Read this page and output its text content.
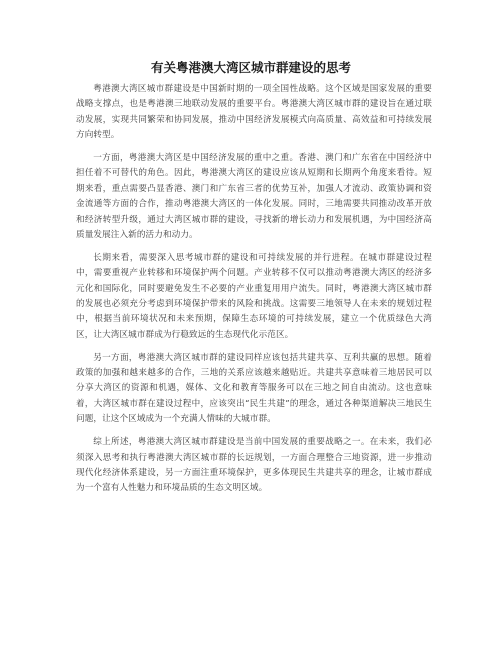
有关粤港澳大湾区城市群建设的思考

粤港澳大湾区城市群建设是中国新时期的一项全国性战略。这个区域是国家发展的重要战略支撑点，也是粤港澳三地联动发展的重要平台。粤港澳大湾区城市群的建设旨在通过联动发展，实现共同繁荣和协同发展，推动中国经济发展模式向高质量、高效益和可持续发展方向转型。

一方面，粤港澳大湾区是中国经济发展的重中之重。香港、澳门和广东省在中国经济中担任着不可替代的角色。因此，粤港澳大湾区的建设应该从短期和长期两个角度来看待。短期来看，重点需要凸显香港、澳门和广东省三者的优势互补，加强人才流动、政策协调和资金流通等方面的合作，推动粤港澳大湾区的一体化发展。同时，三地需要共同推动改革开放和经济转型升级，通过大湾区城市群的建设，寻找新的增长动力和发展机遇，为中国经济高质量发展注入新的活力和动力。

长期来看，需要深入思考城市群的建设和可持续发展的并行进程。在城市群建设过程中，需要重视产业转移和环境保护两个问题。产业转移不仅可以推动粤港澳大湾区的经济多元化和国际化，同时要避免发生不必要的产业重复用用户流失。同时，粤港澳大湾区城市群的发展也必须充分考虑到环境保护带来的风险和挑战。这需要三地领导人在未来的规划过程中，根据当前环境状况和未来预期，保障生态环境的可持续发展，建立一个优质绿色大湾区，让大湾区城市群成为行稳致远的生态现代化示范区。

另一方面，粤港澳大湾区城市群的建设同样应该包括共建共享、互利共赢的思想。随着政策的加强和越来越多的合作，三地的关系应该越来越贴近。共建共享意味着三地居民可以分享大湾区的资源和机遇，媒体、文化和教育等服务可以在三地之间自由流动。这也意味着，大湾区城市群在建设过程中，应该突出“民生共建”的理念，通过各种渠道解决三地民生问题，让这个区域成为一个充满人情味的大城市群。

综上所述，粤港澳大湾区城市群建设是当前中国发展的重要战略之一。在未来，我们必须深入思考和执行粤港澳大湾区城市群的长远规划，一方面合理整合三地资源，进一步推动现代化经济体系建设，另一方面注重环境保护，更多体现民生共建共享的理念，让城市群成为一个富有人性魅力和环境品质的生态文明区域。
